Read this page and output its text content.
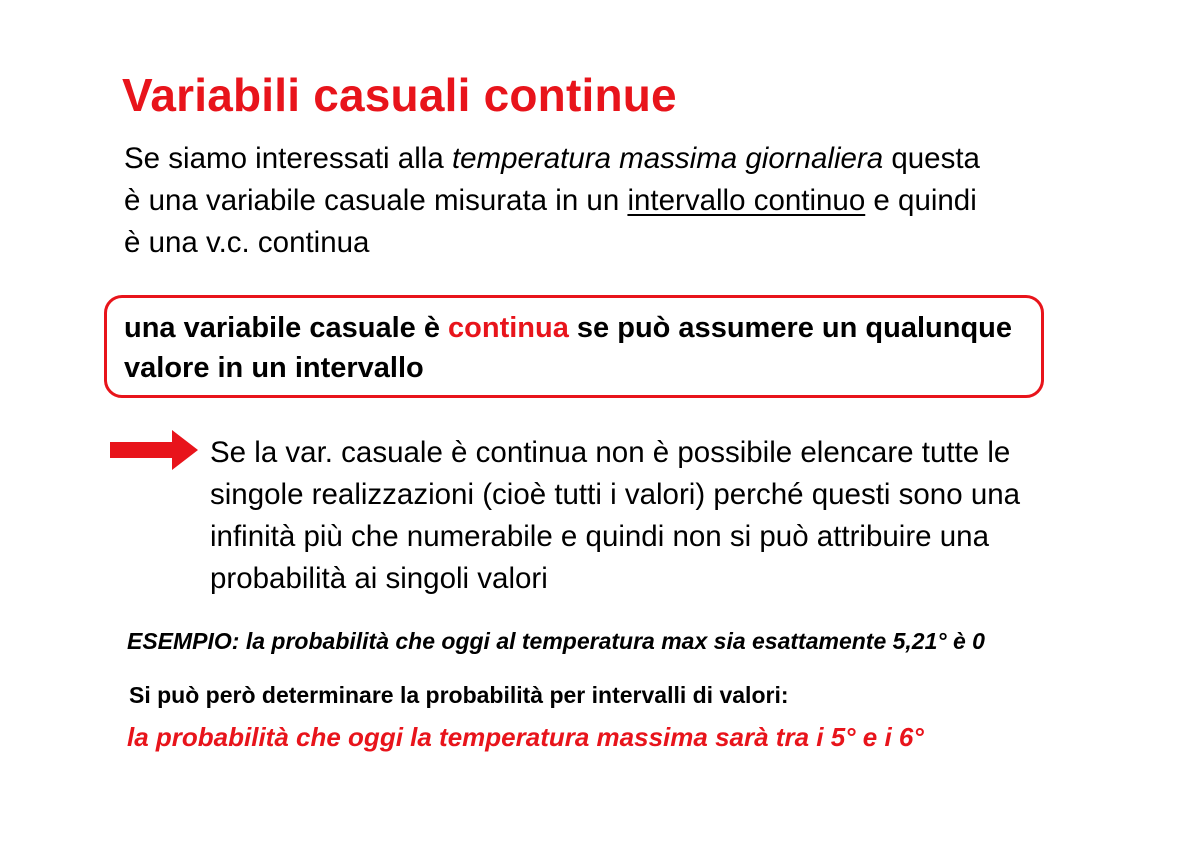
Variabili casuali continue
Se siamo interessati alla temperatura massima giornaliera questa
è una variabile casuale misurata in un intervallo continuo e quindi
è una v.c. continua
una variabile casuale è continua se può assumere un qualunque
valore in un intervallo
Se la var. casuale è continua non è possibile elencare tutte le
singole realizzazioni (cioè tutti i valori) perché questi sono una
infinità più che numerabile e quindi non si può attribuire una
probabilità ai singoli valori
ESEMPIO: la probabilità che oggi al temperatura max sia esattamente 5,21° è 0
Si può però determinare la probabilità per intervalli di valori:
la probabilità che oggi la temperatura massima sarà tra i 5° e i 6°
